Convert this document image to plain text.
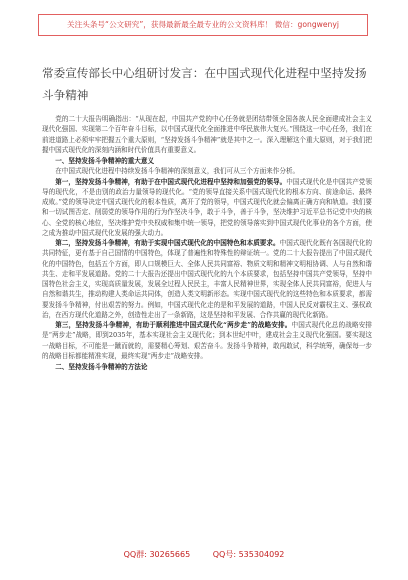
关注头条号“公文研究”，获得最新最全最专业的公文资料库！ 微信：gongwenyj
常委宣传部长中心组研讨发言：在中国式现代化进程中坚持发扬斗争精神

党的二十大报告明确指出：“从现在起，中国共产党的中心任务就是团结带领全国各族人民全面建成社会主义现代化强国、实现第二个百年奋斗目标，以中国式现代化全面推进中华民族伟大复兴。”围绕这一中心任务，我们在前进道路上必须牢牢把握五个重大原则，“坚持发扬斗争精神”就是其中之一。深入理解这个重大原则，对于我们把握中国式现代化的深刻内涵和时代价值具有重要意义。

一、坚持发扬斗争精神的重大意义

在中国式现代化进程中持续发扬斗争精神的深刻意义，我们可从三个方面来作分析。

第一，坚持发扬斗争精神，有助于在中国式现代化进程中坚持和加强党的领导。中国式现代化是中国共产党领导的现代化，不是由别的政治力量领导的现代化。“党的领导直接关系中国式现代化的根本方向、前途命运、最终成败。”党的领导决定中国式现代化的根本性质，离开了党的领导，中国式现代化就会偏离正确方向和轨道。我们要和一切试图否定、削弱党的领导作用的行为作坚决斗争，敢于斗争，善于斗争，坚决维护习近平总书记党中央的核心、全党的核心地位，坚决维护党中央权威和集中统一领导，把党的领导落实到中国式现代化事业的各个方面，使之成为推动中国式现代化发展的强大动力。

第二，坚持发扬斗争精神，有助于实现中国式现代化的中国特色和本质要求。中国式现代化既有各国现代化的共同特征，更有基于自己国情的中国特色，体现了普遍性和特殊性的辩证统一。党的二十大报告提出了中国式现代化的中国特色，包括五个方面，即人口规模巨大、全体人民共同富裕、物质文明和精神文明相协调、人与自然和谐共生、走和平发展道路。党的二十大报告还提出中国式现代化的九个本质要求，包括坚持中国共产党领导，坚持中国特色社会主义，实现高质量发展，发展全过程人民民主，丰富人民精神世界，实现全体人民共同富裕，促进人与自然和谐共生，推动构建人类命运共同体，创造人类文明新形态。实现中国式现代化的这些特色和本质要求，都需要发扬斗争精神，付出艰苦的努力。例如，中国式现代化走的是和平发展的道路，中国人民反对霸权主义、强权政治，在西方现代化道路之外，创造性走出了一条新路，这是坚持和平发展、合作共赢的现代化新路。

第三，坚持发扬斗争精神，有助于顺利推进中国式现代化“两步走”的战略安排。中国式现代化总的战略安排是“两步走”战略，即到2035年，基本实现社会主义现代化；到本世纪中叶，建成社会主义现代化强国。要实现这一战略目标，不可能是一蹴而就的，需要精心筹划、艰苦奋斗。发扬斗争精神，敢闯敢试，科学统筹，确保每一步的战略目标都能精准实现，最终实现“两步走”战略安排。

二、坚持发扬斗争精神的方法论

QQ群: 30265665	QQ号: 535304092
